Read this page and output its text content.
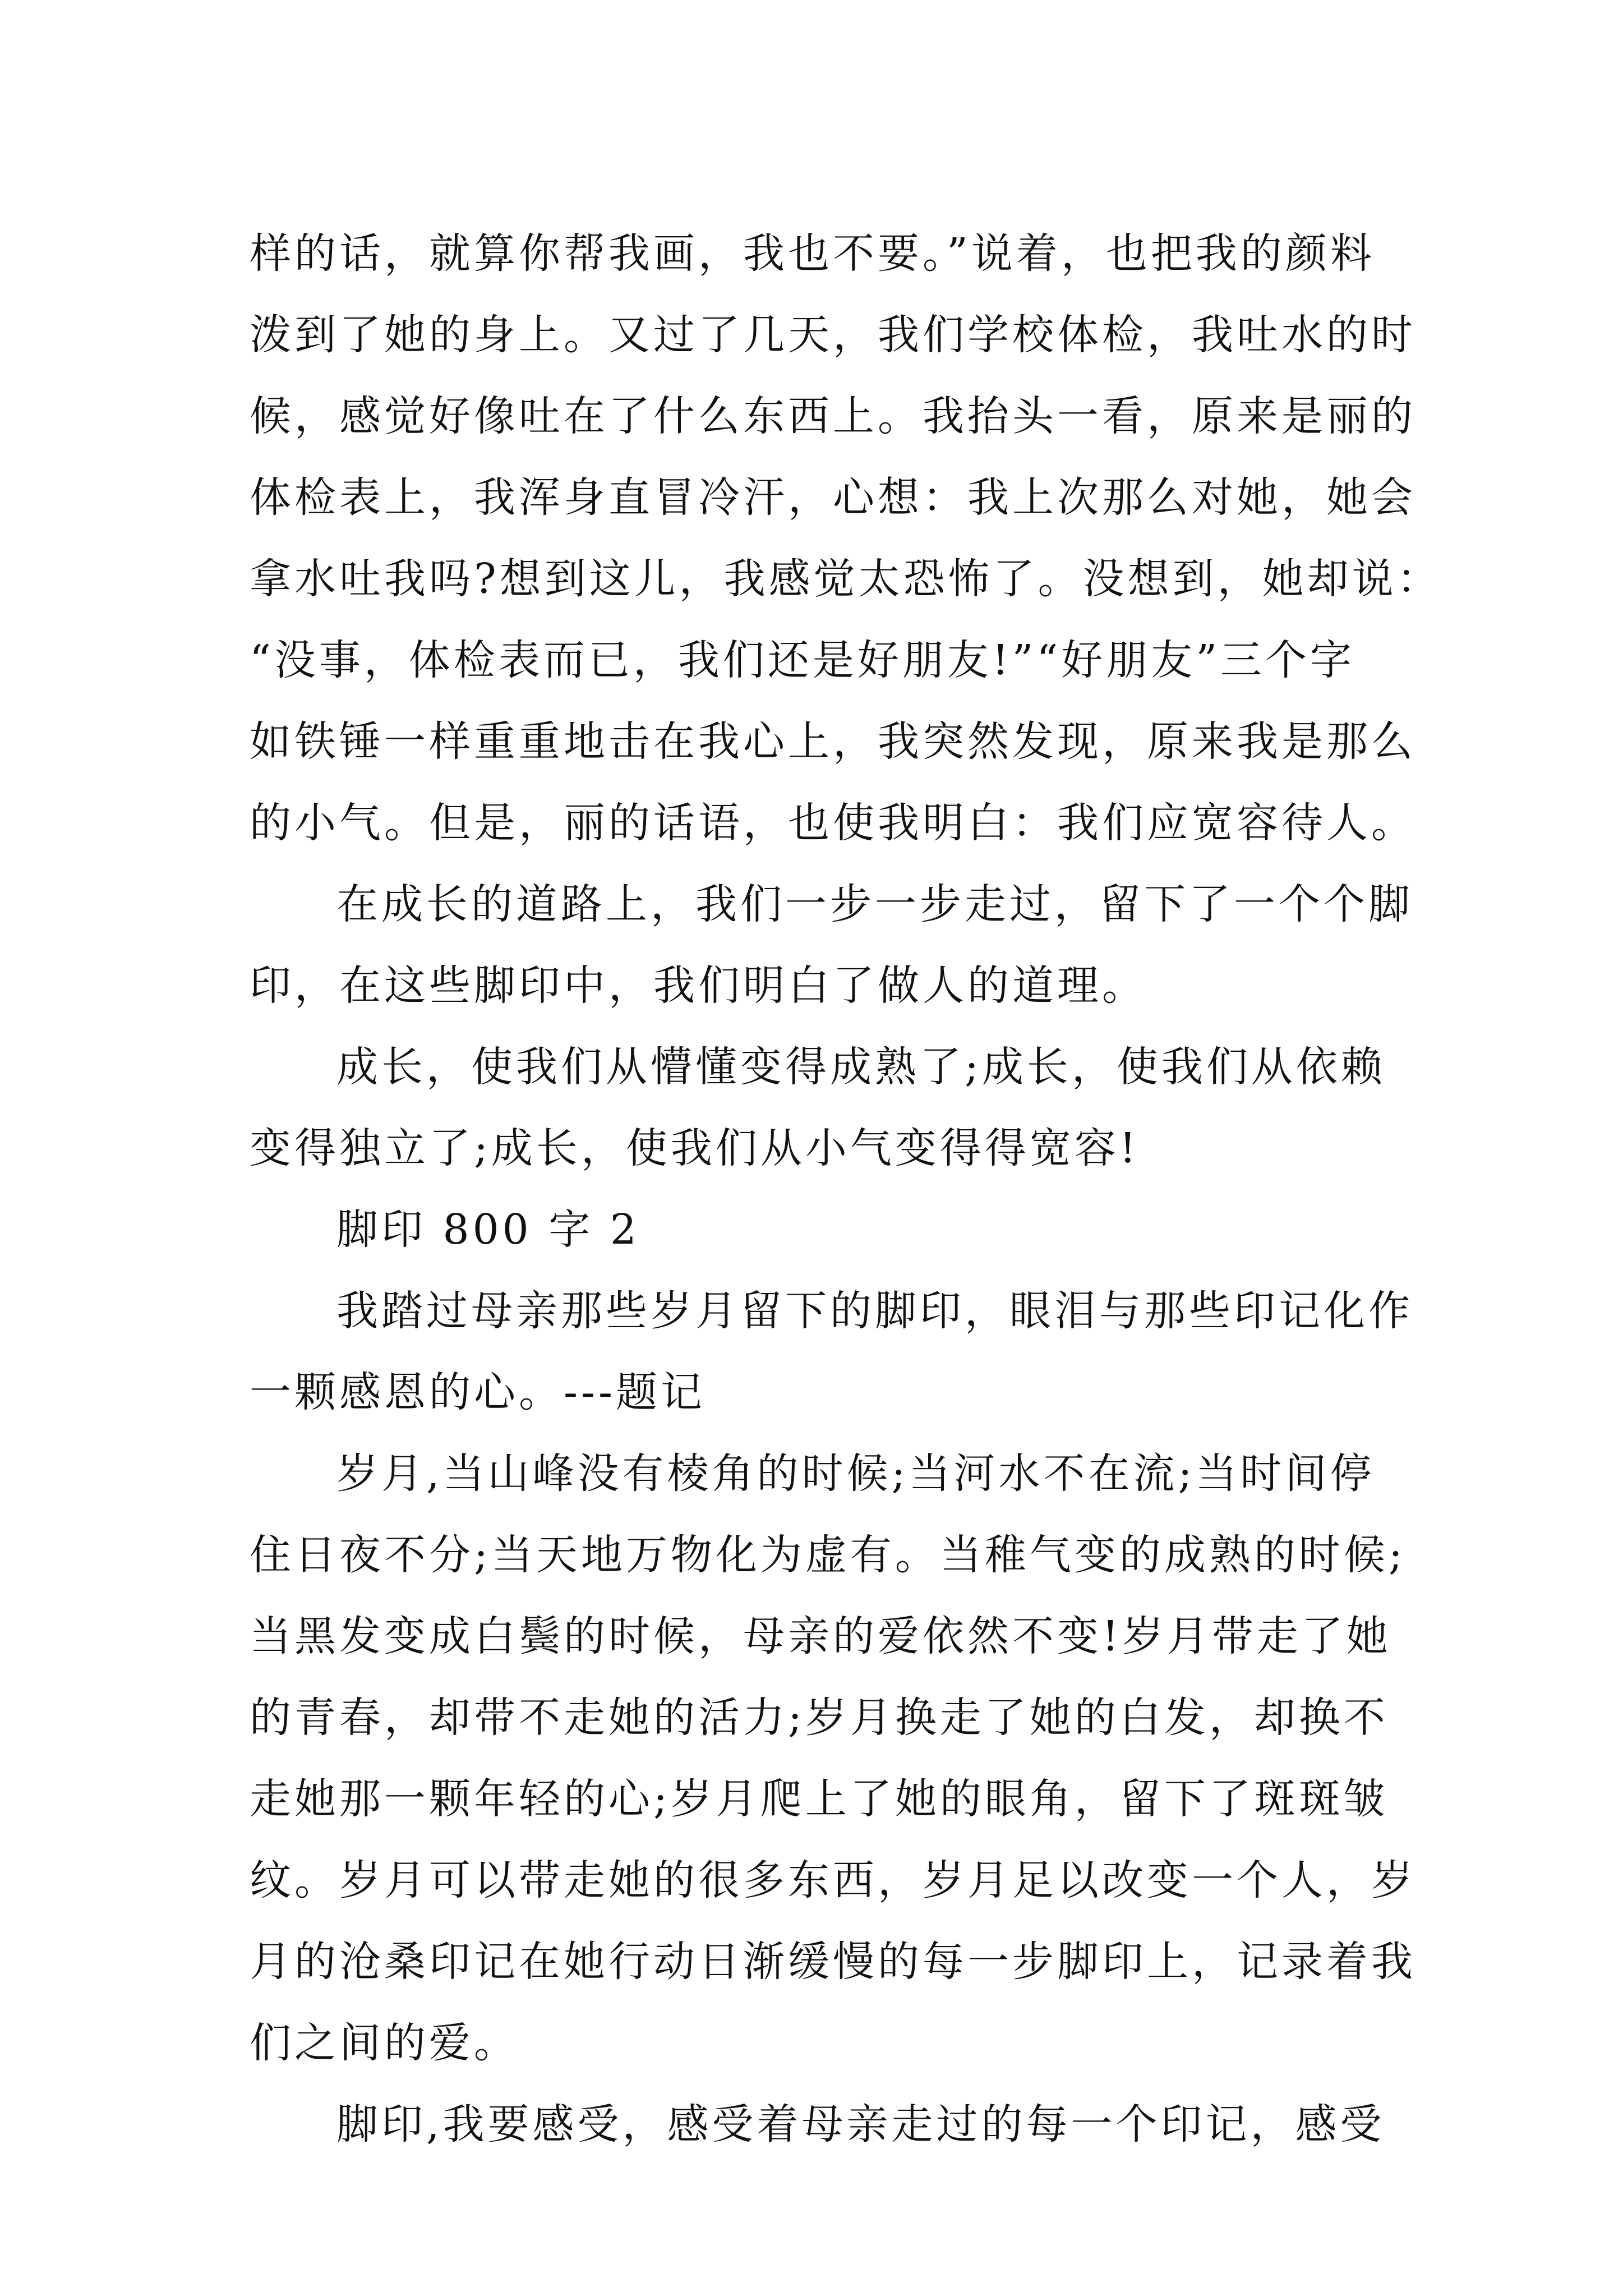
样的话，就算你帮我画，我也不要。”说着，也把我的颜料
泼到了她的身上。又过了几天，我们学校体检，我吐水的时
候，感觉好像吐在了什么东西上。我抬头一看，原来是丽的
体检表上，我浑身直冒冷汗，心想：我上次那么对她，她会
拿水吐我吗?想到这儿，我感觉太恐怖了。没想到，她却说：
“没事，体检表而已，我们还是好朋友!”“好朋友”三个字
如铁锤一样重重地击在我心上，我突然发现，原来我是那么
的小气。但是，丽的话语，也使我明白：我们应宽容待人。
在成长的道路上，我们一步一步走过，留下了一个个脚
印，在这些脚印中，我们明白了做人的道理。
成长，使我们从懵懂变得成熟了;成长，使我们从依赖
变得独立了;成长，使我们从小气变得得宽容!
脚印 800 字 2
我踏过母亲那些岁月留下的脚印，眼泪与那些印记化作
一颗感恩的心。---题记
岁月,当山峰没有棱角的时候;当河水不在流;当时间停
住日夜不分;当天地万物化为虚有。当稚气变的成熟的时候;
当黑发变成白鬓的时候，母亲的爱依然不变!岁月带走了她
的青春，却带不走她的活力;岁月换走了她的白发，却换不
走她那一颗年轻的心;岁月爬上了她的眼角，留下了斑斑皱
纹。岁月可以带走她的很多东西，岁月足以改变一个人，岁
月的沧桑印记在她行动日渐缓慢的每一步脚印上，记录着我
们之间的爱。
脚印,我要感受，感受着母亲走过的每一个印记，感受
